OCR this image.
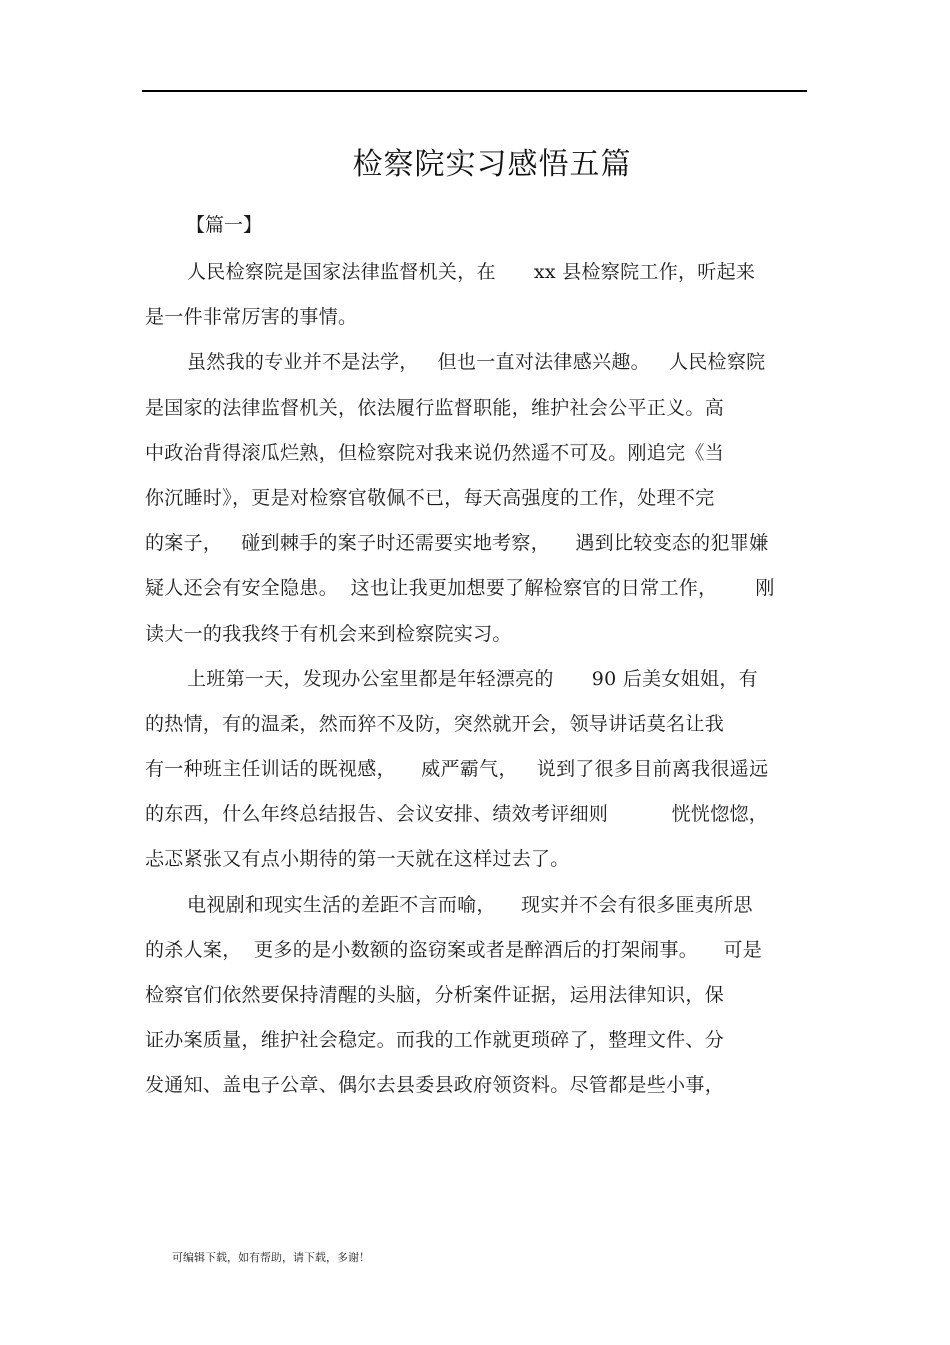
检察院实习感悟五篇
【篇一】
人民检察院是国家法律监督机关，在      xx 县检察院工作，听起来
是一件非常厉害的事情。
虽然我的专业并不是法学，   但也一直对法律感兴趣。   人民检察院
是国家的法律监督机关，依法履行监督职能，维护社会公平正义。高
中政治背得滚瓜烂熟，但检察院对我来说仍然遥不可及。刚追完《当
你沉睡时》，更是对检察官敬佩不已，每天高强度的工作，处理不完
的案子，   碰到棘手的案子时还需要实地考察，    遇到比较变态的犯罪嫌
疑人还会有安全隐患。  这也让我更加想要了解检察官的日常工作，      刚
读大一的我我终于有机会来到检察院实习。
上班第一天，发现办公室里都是年轻漂亮的      90 后美女姐姐，有
的热情，有的温柔，然而猝不及防，突然就开会，领导讲话莫名让我
有一种班主任训话的既视感，    威严霸气，   说到了很多目前离我很遥远
的东西，什么年终总结报告、会议安排、绩效考评细则          恍恍惚惚，
忐忑紧张又有点小期待的第一天就在这样过去了。
电视剧和现实生活的差距不言而喻，    现实并不会有很多匪夷所思
的杀人案，  更多的是小数额的盗窃案或者是醉酒后的打架闹事。    可是
检察官们依然要保持清醒的头脑，分析案件证据，运用法律知识，保
证办案质量，维护社会稳定。而我的工作就更琐碎了，整理文件、分
发通知、盖电子公章、偶尔去县委县政府领资料。尽管都是些小事，
可编辑下载，如有帮助，请下载，多谢！
